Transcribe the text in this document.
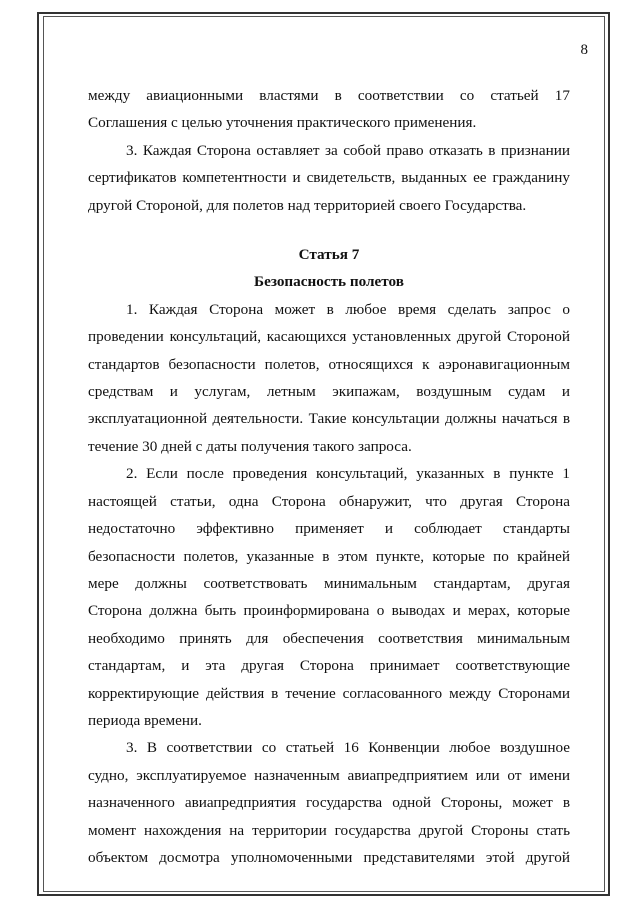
8

между авиационными властями в соответствии со статьей 17
Соглашения с целью уточнения практического применения.

3. Каждая Сторона оставляет за собой право отказать в признании
сертификатов компетентности и свидетельств, выданных ее гражданину
другой Стороной, для полетов над территорией своего Государства.

Статья 7
Безопасность полетов

1. Каждая Сторона может в любое время сделать запрос о
проведении консультаций, касающихся установленных другой Стороной
стандартов безопасности полетов, относящихся к аэронавигационным
средствам и услугам, летным экипажам, воздушным судам и
эксплуатационной деятельности. Такие консультации должны начаться в
течение 30 дней с даты получения такого запроса.

2. Если после проведения консультаций, указанных в пункте 1
настоящей статьи, одна Сторона обнаружит, что другая Сторона
недостаточно эффективно применяет и соблюдает стандарты
безопасности полетов, указанные в этом пункте, которые по крайней
мере должны соответствовать минимальным стандартам, другая
Сторона должна быть проинформирована о выводах и мерах, которые
необходимо принять для обеспечения соответствия минимальным
стандартам, и эта другая Сторона принимает соответствующие
корректирующие действия в течение согласованного между Сторонами
периода времени.

3. В соответствии со статьей 16 Конвенции любое воздушное
судно, эксплуатируемое назначенным авиапредприятием или от имени
назначенного авиапредприятия государства одной Стороны, может в
момент нахождения на территории государства другой Стороны стать
объектом досмотра уполномоченными представителями этой другой
